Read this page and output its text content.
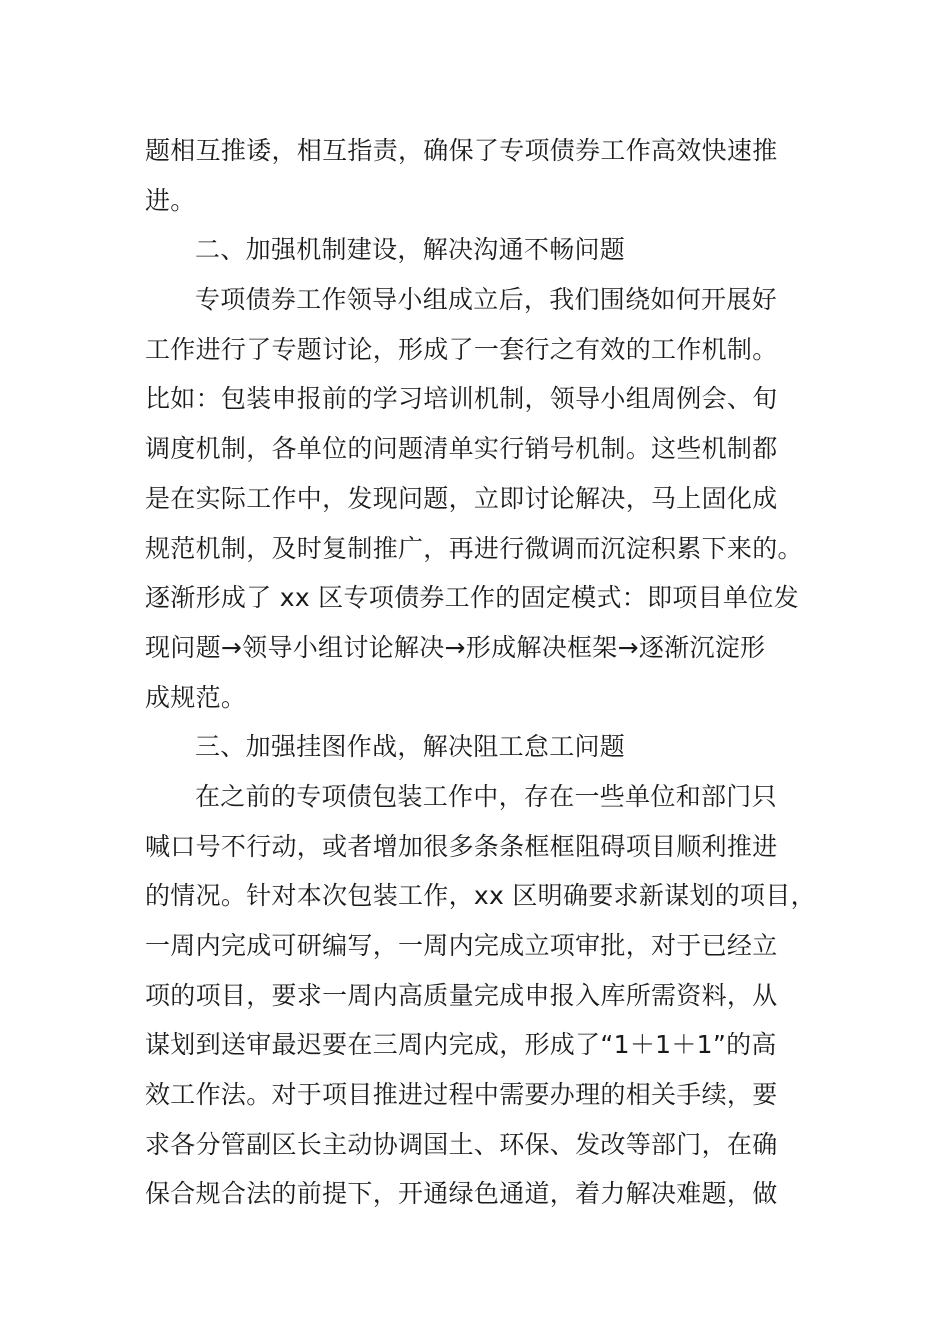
题相互推诿，相互指责，确保了专项债券工作高效快速推
进。
二、加强机制建设，解决沟通不畅问题
专项债券工作领导小组成立后，我们围绕如何开展好
工作进行了专题讨论，形成了一套行之有效的工作机制。
比如：包装申报前的学习培训机制，领导小组周例会、旬
调度机制，各单位的问题清单实行销号机制。这些机制都
是在实际工作中，发现问题，立即讨论解决，马上固化成
规范机制，及时复制推广，再进行微调而沉淀积累下来的。
逐渐形成了 xx 区专项债券工作的固定模式：即项目单位发
现问题→领导小组讨论解决→形成解决框架→逐渐沉淀形
成规范。
三、加强挂图作战，解决阻工怠工问题
在之前的专项债包装工作中，存在一些单位和部门只
喊口号不行动，或者增加很多条条框框阻碍项目顺利推进
的情况。针对本次包装工作，xx 区明确要求新谋划的项目，
一周内完成可研编写，一周内完成立项审批，对于已经立
项的项目，要求一周内高质量完成申报入库所需资料，从
谋划到送审最迟要在三周内完成，形成了“1＋1＋1”的高
效工作法。对于项目推进过程中需要办理的相关手续，要
求各分管副区长主动协调国土、环保、发改等部门，在确
保合规合法的前提下，开通绿色通道，着力解决难题，做
